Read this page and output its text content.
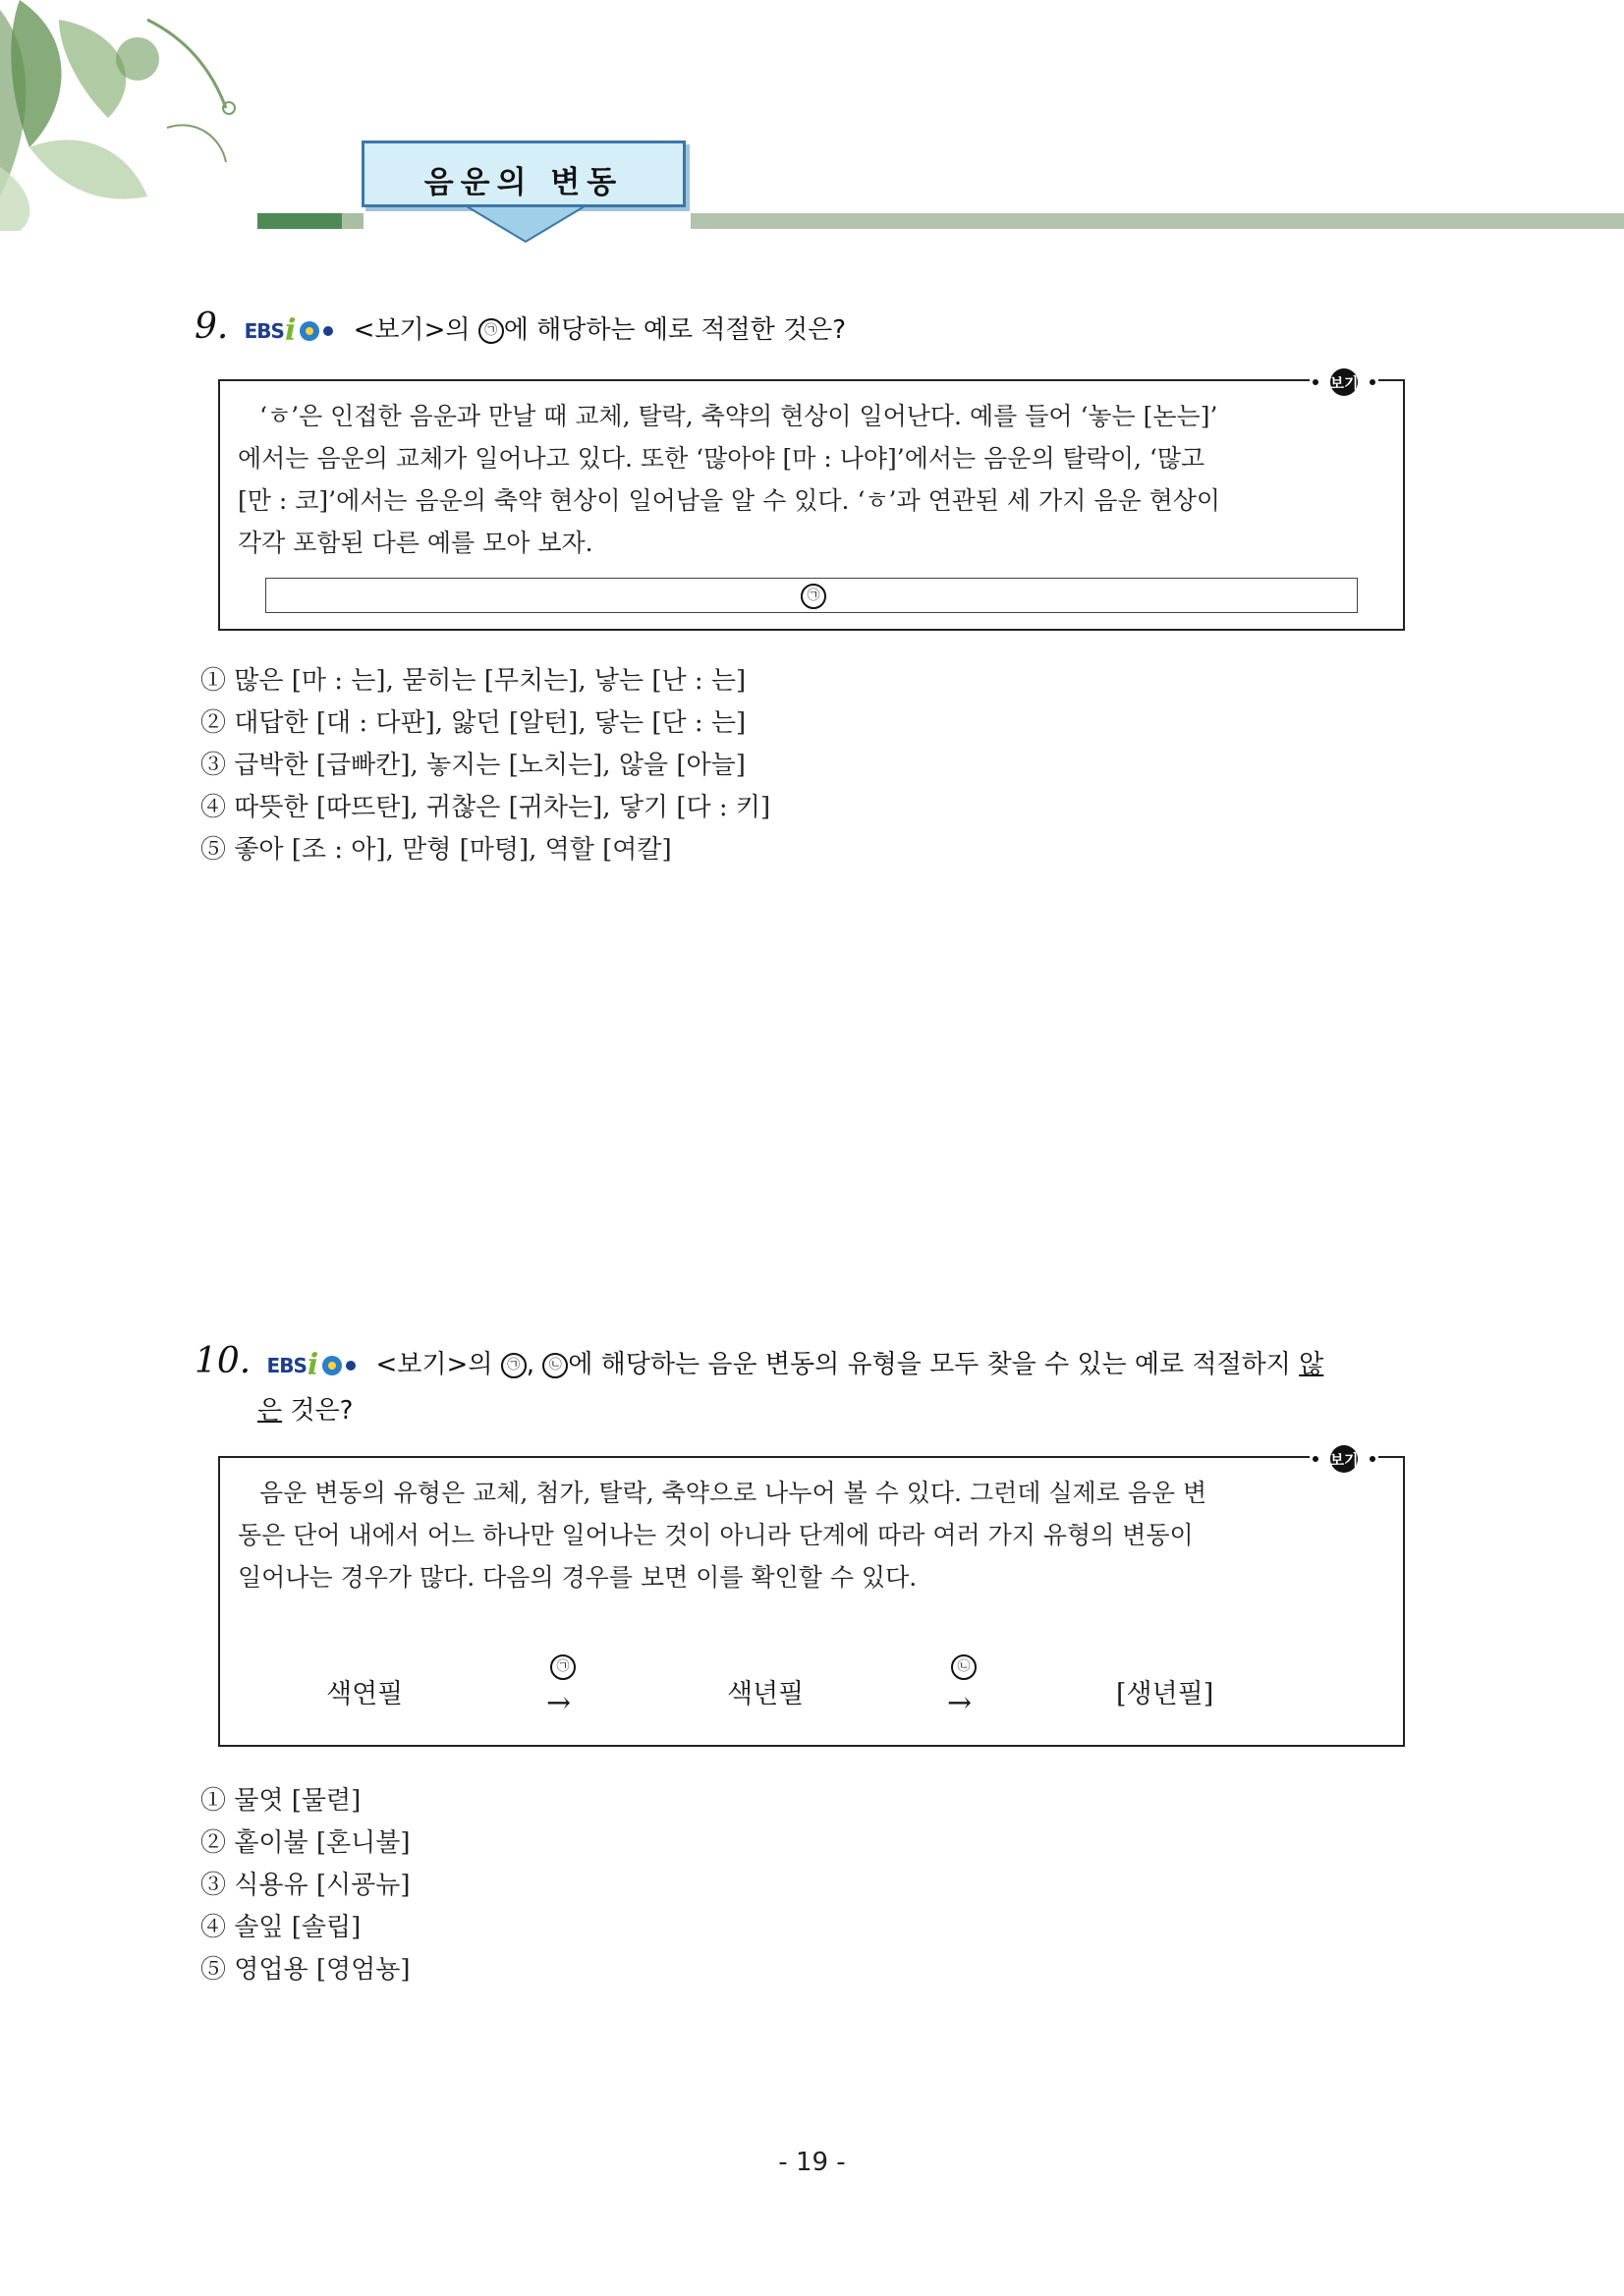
음운의 변동
9. EBS i <보기>의 ㉠ 에 해당하는 예로 적절한 것은?
‘ㅎ’은 인접한 음운과 만날 때 교체, 탈락, 축약의 현상이 일어난다. 예를 들어 ‘놓는 [논는]’
에서는 음운의 교체가 일어나고 있다. 또한 ‘많아야 [마 : 나야]’에서는 음운의 탈락이, ‘많고
[만 : 코]’에서는 음운의 축약 현상이 일어남을 알 수 있다. ‘ㅎ’과 연관된 세 가지 음운 현상이
각각 포함된 다른 예를 모아 보자.
㉠
보기
① 많은 [마 : 는], 묻히는 [무치는], 낳는 [난 : 는]
② 대답한 [대 : 다판], 앓던 [알턴], 닿는 [단 : 는]
③ 급박한 [급빠칸], 놓지는 [노치는], 않을 [아늘]
④ 따뜻한 [따뜨탄], 귀찮은 [귀차는], 닿기 [다 : 키]
⑤ 좋아 [조 : 아], 맏형 [마텽], 역할 [여칼]
10. EBS i <보기>의 ㉠ , ㉡ 에 해당하는 음운 변동의 유형을 모두 찾을 수 있는 예로 적절하지 않
은 것은?
음운 변동의 유형은 교체, 첨가, 탈락, 축약으로 나누어 볼 수 있다. 그런데 실제로 음운 변
동은 단어 내에서 어느 하나만 일어나는 것이 아니라 단계에 따라 여러 가지 유형의 변동이
일어나는 경우가 많다. 다음의 경우를 보면 이를 확인할 수 있다.
색연필
㉠
→	색년필
㉡
→	[생년필]
보기
① 물엿 [물렫]
② 홑이불 [혼니불]
③ 식용유 [시굥뉴]
④ 솔잎 [솔립]
⑤ 영업용 [영엄뇽]
- 19 -
